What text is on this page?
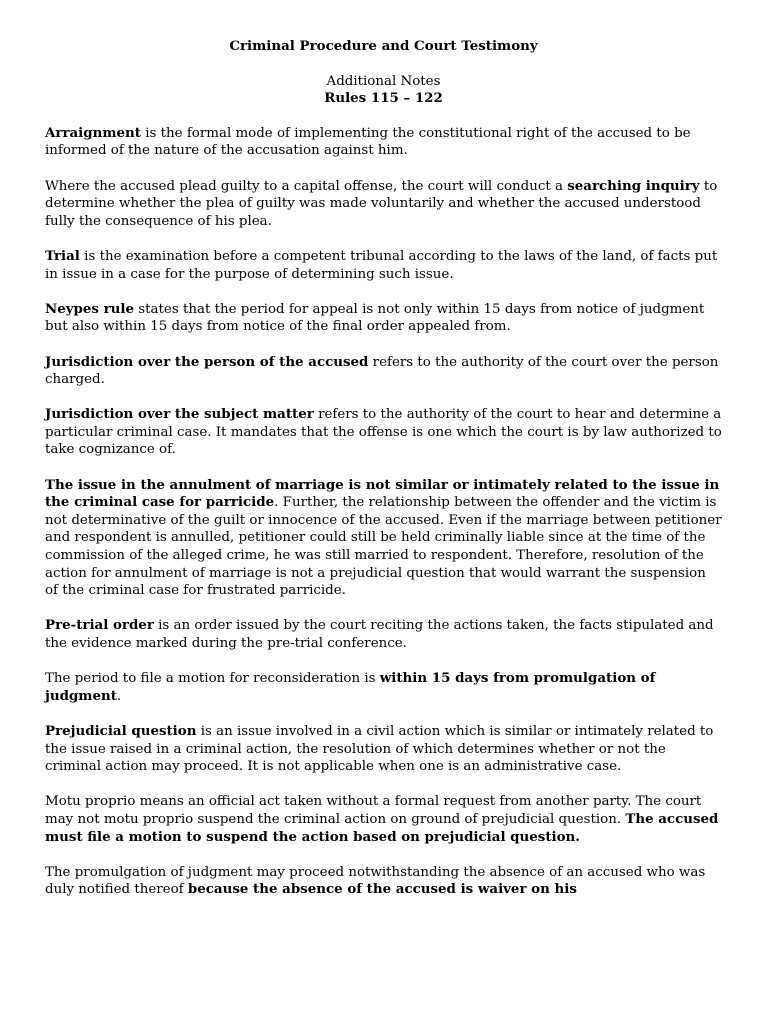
Criminal Procedure and Court Testimony

Additional Notes

Rules 115 – 122

Arraignment is the formal mode of implementing the constitutional right of the accused to be informed of the nature of the accusation against him.

Where the accused plead guilty to a capital offense, the court will conduct a searching inquiry to determine whether the plea of guilty was made voluntarily and whether the accused understood fully the consequence of his plea.

Trial is the examination before a competent tribunal according to the laws of the land, of facts put in issue in a case for the purpose of determining such issue.

Neypes rule states that the period for appeal is not only within 15 days from notice of judgment but also within 15 days from notice of the final order appealed from.

Jurisdiction over the person of the accused refers to the authority of the court over the person charged.

Jurisdiction over the subject matter refers to the authority of the court to hear and determine a particular criminal case. It mandates that the offense is one which the court is by law authorized to take cognizance of.

The issue in the annulment of marriage is not similar or intimately related to the issue in the criminal case for parricide. Further, the relationship between the offender and the victim is not determinative of the guilt or innocence of the accused. Even if the marriage between petitioner and respondent is annulled, petitioner could still be held criminally liable since at the time of the commission of the alleged crime, he was still married to respondent. Therefore, resolution of the action for annulment of marriage is not a prejudicial question that would warrant the suspension of the criminal case for frustrated parricide.

Pre-trial order is an order issued by the court reciting the actions taken, the facts stipulated and the evidence marked during the pre-trial conference.

The period to file a motion for reconsideration is within 15 days from promulgation of judgment.

Prejudicial question is an issue involved in a civil action which is similar or intimately related to the issue raised in a criminal action, the resolution of which determines whether or not the criminal action may proceed. It is not applicable when one is an administrative case.

Motu proprio means an official act taken without a formal request from another party. The court may not motu proprio suspend the criminal action on ground of prejudicial question. The accused must file a motion to suspend the action based on prejudicial question.

The promulgation of judgment may proceed notwithstanding the absence of an accused who was duly notified thereof because the absence of the accused is waiver on his
